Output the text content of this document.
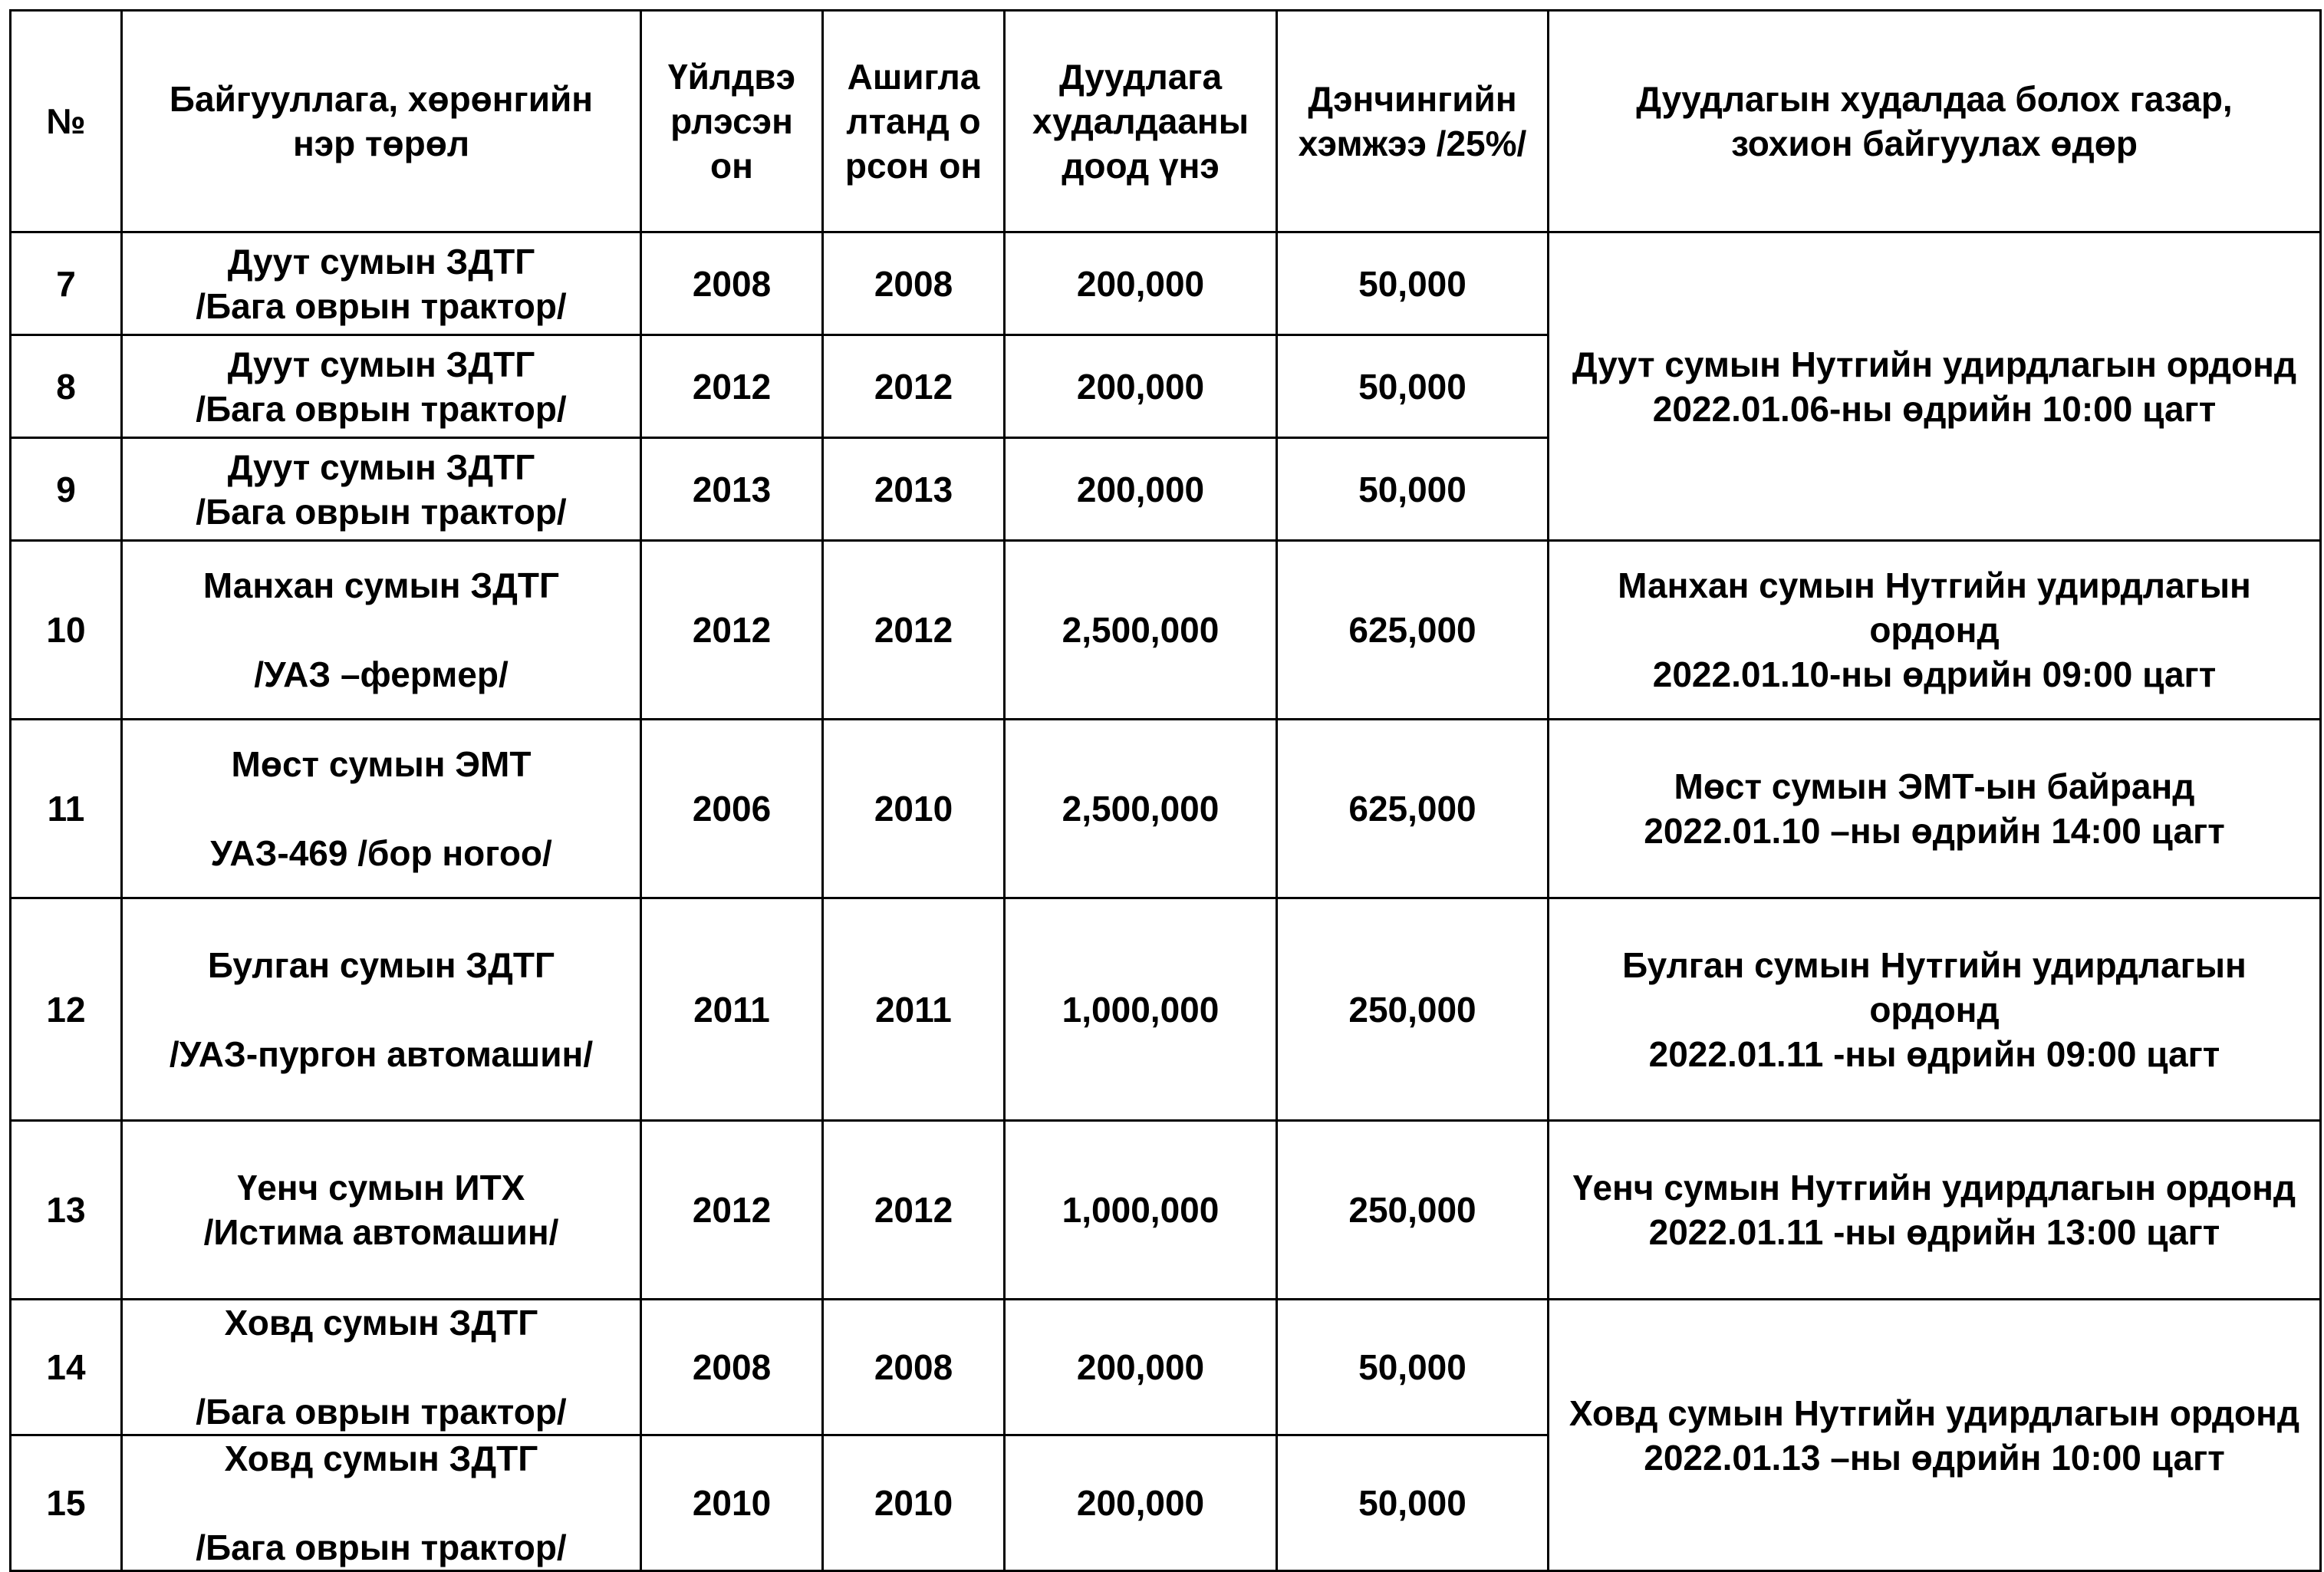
№	Байгууллага, хөрөнгийн нэр төрөл	Үйлдвэрлэсэн он	Ашиглалтанд орсон он	Дуудлага худалдааны доод үнэ	Дэнчингийн хэмжээ /25%/	Дуудлагын худалдаа болох газар, зохион байгуулах өдөр
7	Дуут сумын ЗДТГ
/Бага оврын трактор/	2008	2008	200,000	50,000	Дуут сумын Нутгийн удирдлагын ордонд
2022.01.06-ны өдрийн 10:00 цагт
8	Дуут сумын ЗДТГ
/Бага оврын трактор/	2012	2012	200,000	50,000	
9	Дуут сумын ЗДТГ
/Бага оврын трактор/	2013	2013	200,000	50,000	
10	Манхан сумын ЗДТГ
/УАЗ –фермер/	2012	2012	2,500,000	625,000	Манхан сумын Нутгийн удирдлагын ордонд
2022.01.10-ны өдрийн 09:00 цагт
11	Мөст сумын ЭМТ
УАЗ-469 /бор ногоо/	2006	2010	2,500,000	625,000	Мөст сумын ЭМТ-ын байранд
2022.01.10 –ны өдрийн 14:00 цагт
12	Булган сумын ЗДТГ
/УАЗ-пургон автомашин/	2011	2011	1,000,000	250,000	Булган сумын Нутгийн удирдлагын ордонд
2022.01.11 -ны өдрийн 09:00 цагт
13	Үенч сумын ИТХ
/Истима автомашин/	2012	2012	1,000,000	250,000	Үенч сумын Нутгийн удирдлагын ордонд
2022.01.11 -ны өдрийн 13:00 цагт
14	Ховд сумын ЗДТГ
/Бага оврын трактор/	2008	2008	200,000	50,000	Ховд сумын Нутгийн удирдлагын ордонд
2022.01.13 –ны өдрийн 10:00 цагт
15	Ховд сумын ЗДТГ
/Бага оврын трактор/	2010	2010	200,000	50,000	
